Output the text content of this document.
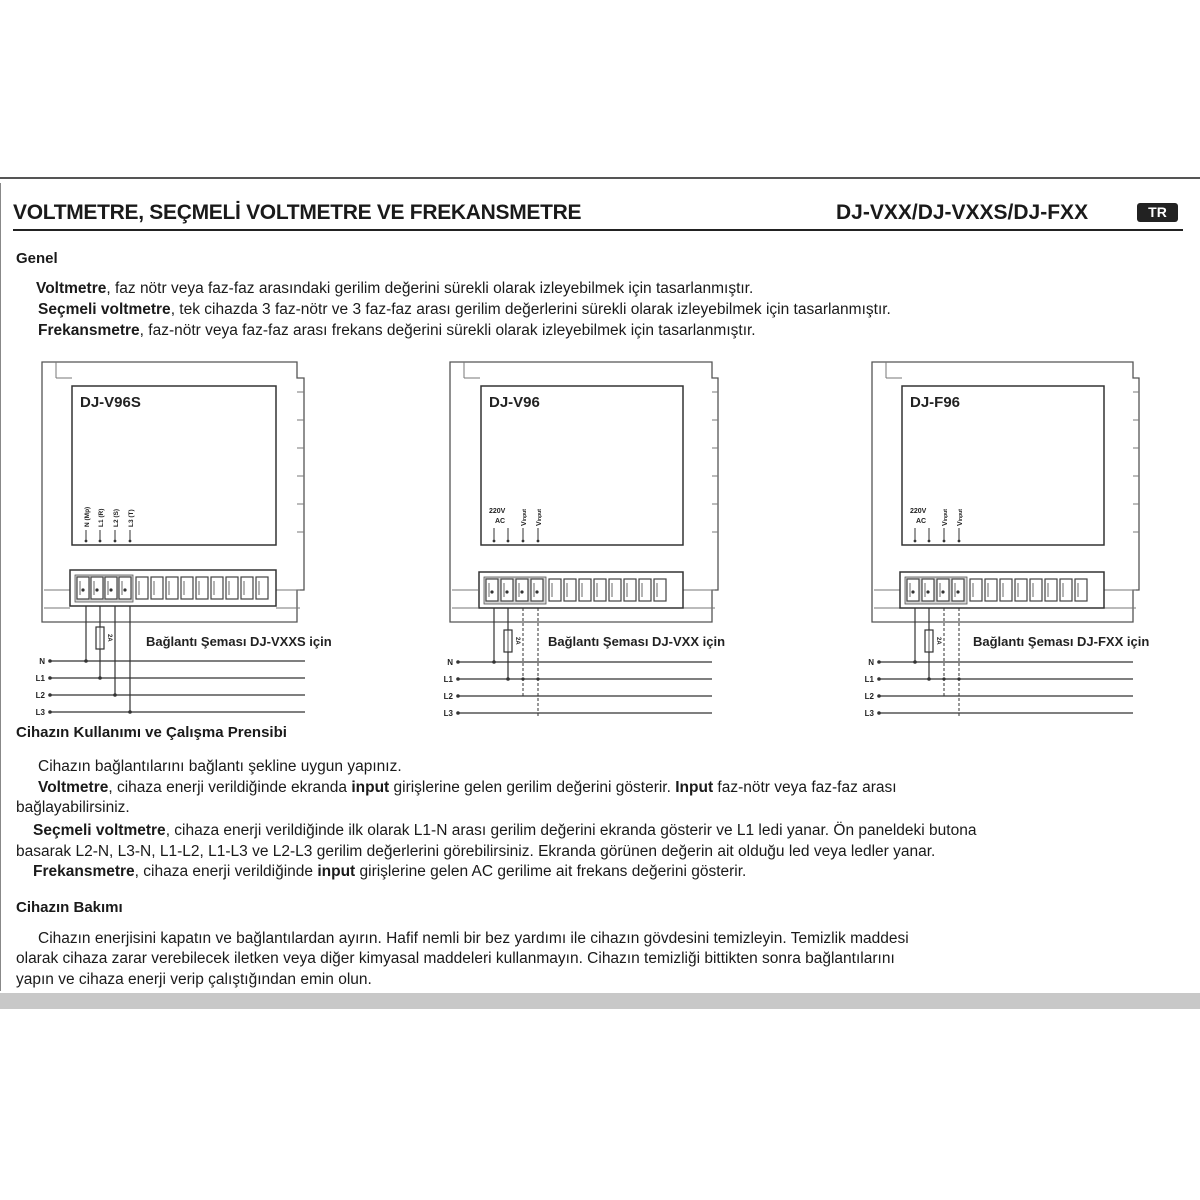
VOLTMETRE, SEÇMELİ VOLTMETRE VE FREKANSMETRE	DJ-VXX/DJ-VXXS/DJ-FXX	TR
Genel
Voltmetre, faz nötr veya faz-faz arasındaki gerilim değerini sürekli olarak izleyebilmek için tasarlanmıştır.
Seçmeli voltmetre, tek cihazda 3 faz-nötr ve 3 faz-faz arası gerilim değerlerini sürekli olarak izleyebilmek için tasarlanmıştır.
Frekansmetre, faz-nötr veya faz-faz arası frekans değerini sürekli olarak izleyebilmek için tasarlanmıştır.
DJ-V96S	DJ-V96	DJ-F96
N (Mp) L1 (R) L2 (S) L3 (T)	220V
AC Vinput
Vinput	220V
AC Vinput
Vinput
2A	2A	2A
Bağlantı Şeması DJ-VXXS için	Bağlantı Şeması DJ-VXX için	Bağlantı Şeması DJ-FXX için
N
L1
L2
L3
N
L1
L2
L3
N
L1
L2
L3
Cihazın Kullanımı ve Çalışma Prensibi
Cihazın bağlantılarını bağlantı şekline uygun yapınız.
Voltmetre, cihaza enerji verildiğinde ekranda input girişlerine gelen gerilim değerini gösterir. Input faz-nötr veya faz-faz arası
bağlayabilirsiniz.
Seçmeli voltmetre, cihaza enerji verildiğinde ilk olarak L1-N arası gerilim değerini ekranda gösterir ve L1 ledi yanar. Ön paneldeki butona
basarak L2-N, L3-N, L1-L2, L1-L3 ve L2-L3 gerilim değerlerini görebilirsiniz. Ekranda görünen değerin ait olduğu led veya ledler yanar.
Frekansmetre, cihaza enerji verildiğinde input girişlerine gelen AC gerilime ait frekans değerini gösterir.
Cihazın Bakımı
Cihazın enerjisini kapatın ve bağlantılardan ayırın. Hafif nemli bir bez yardımı ile cihazın gövdesini temizleyin. Temizlik maddesi
olarak cihaza zarar verebilecek iletken veya diğer kimyasal maddeleri kullanmayın. Cihazın temizliği bittikten sonra bağlantılarını
yapın ve cihaza enerji verip çalıştığından emin olun.
